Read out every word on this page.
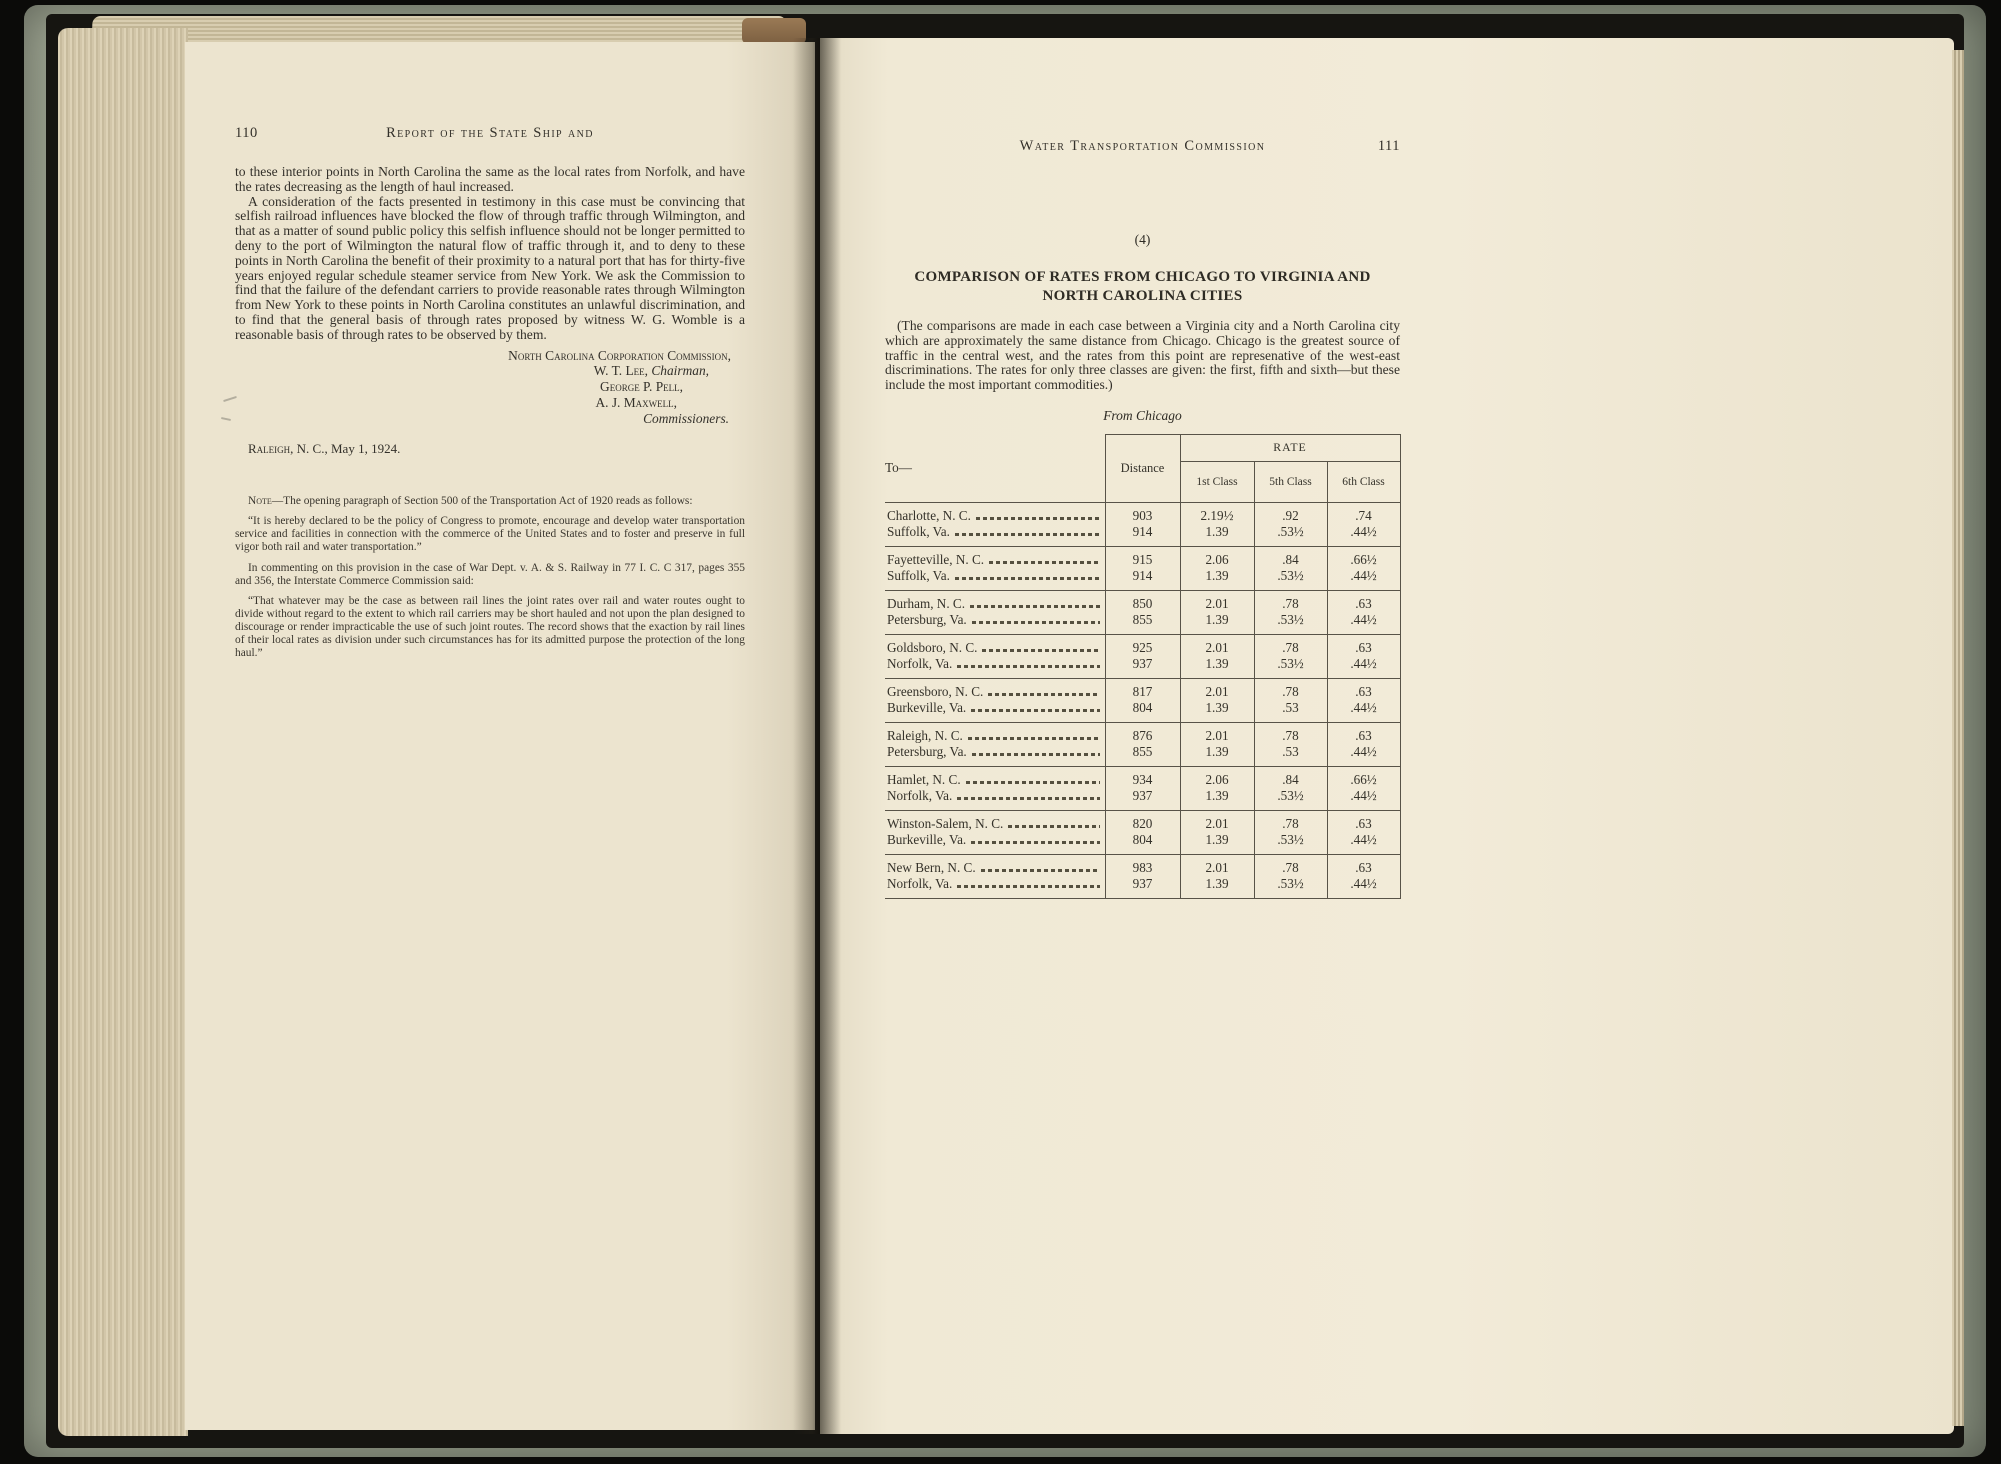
110	Report of the State Ship and

to these interior points in North Carolina the same as the local rates from Norfolk, and have the rates decreasing as the length of haul increased.

A consideration of the facts presented in testimony in this case must be convincing that selfish railroad influences have blocked the flow of through traffic through Wilmington, and that as a matter of sound public policy this selfish influence should not be longer permitted to deny to the port of Wilmington the natural flow of traffic through it, and to deny to these points in North Carolina the benefit of their proximity to a natural port that has for thirty-five years enjoyed regular schedule steamer service from New York. We ask the Commission to find that the failure of the defendant carriers to provide reasonable rates through Wilmington from New York to these points in North Carolina constitutes an unlawful discrimination, and to find that the general basis of through rates proposed by witness W. G. Womble is a reasonable basis of through rates to be observed by them.

North Carolina Corporation Commission,
W. T. Lee, Chairman,
George P. Pell,
A. J. Maxwell,
Commissioners.
Raleigh, N. C., May 1, 1924.

Note—The opening paragraph of Section 500 of the Transportation Act of 1920 reads as follows:

“It is hereby declared to be the policy of Congress to promote, encourage and develop water transportation service and facilities in connection with the commerce of the United States and to foster and preserve in full vigor both rail and water transportation.”

In commenting on this provision in the case of War Dept. v. A. & S. Railway in 77 I. C. C 317, pages 355 and 356, the Interstate Commerce Commission said:

“That whatever may be the case as between rail lines the joint rates over rail and water routes ought to divide without regard to the extent to which rail carriers may be short hauled and not upon the plan designed to discourage or render impracticable the use of such joint routes. The record shows that the exaction by rail lines of their local rates as division under such circumstances has for its admitted purpose the protection of the long haul.”

Water Transportation Commission	111
(4)
COMPARISON OF RATES FROM CHICAGO TO VIRGINIA AND NORTH CAROLINA CITIES

(The comparisons are made in each case between a Virginia city and a North Carolina city which are approximately the same distance from Chicago. Chicago is the greatest source of traffic in the central west, and the rates from this point are represenative of the west-east discriminations. The rates for only three classes are given: the first, fifth and sixth—but these include the most important commodities.)

From Chicago
To—	Distance	RATE		
		1st Class	5th Class	6th Class

Charlotte, N. C.	903	2.19½	.92	.74

Suffolk, Va.	914	1.39	.53½	.44½

Fayetteville, N. C.	915	2.06	.84	.66½

Suffolk, Va.	914	1.39	.53½	.44½

Durham, N. C.	850	2.01	.78	.63

Petersburg, Va.	855	1.39	.53½	.44½

Goldsboro, N. C.	925	2.01	.78	.63

Norfolk, Va.	937	1.39	.53½	.44½

Greensboro, N. C.	817	2.01	.78	.63

Burkeville, Va.	804	1.39	.53	.44½

Raleigh, N. C.	876	2.01	.78	.63

Petersburg, Va.	855	1.39	.53	.44½

Hamlet, N. C.	934	2.06	.84	.66½

Norfolk, Va.	937	1.39	.53½	.44½

Winston-Salem, N. C.	820	2.01	.78	.63

Burkeville, Va.	804	1.39	.53½	.44½

New Bern, N. C.	983	2.01	.78	.63

Norfolk, Va.	937	1.39	.53½	.44½
